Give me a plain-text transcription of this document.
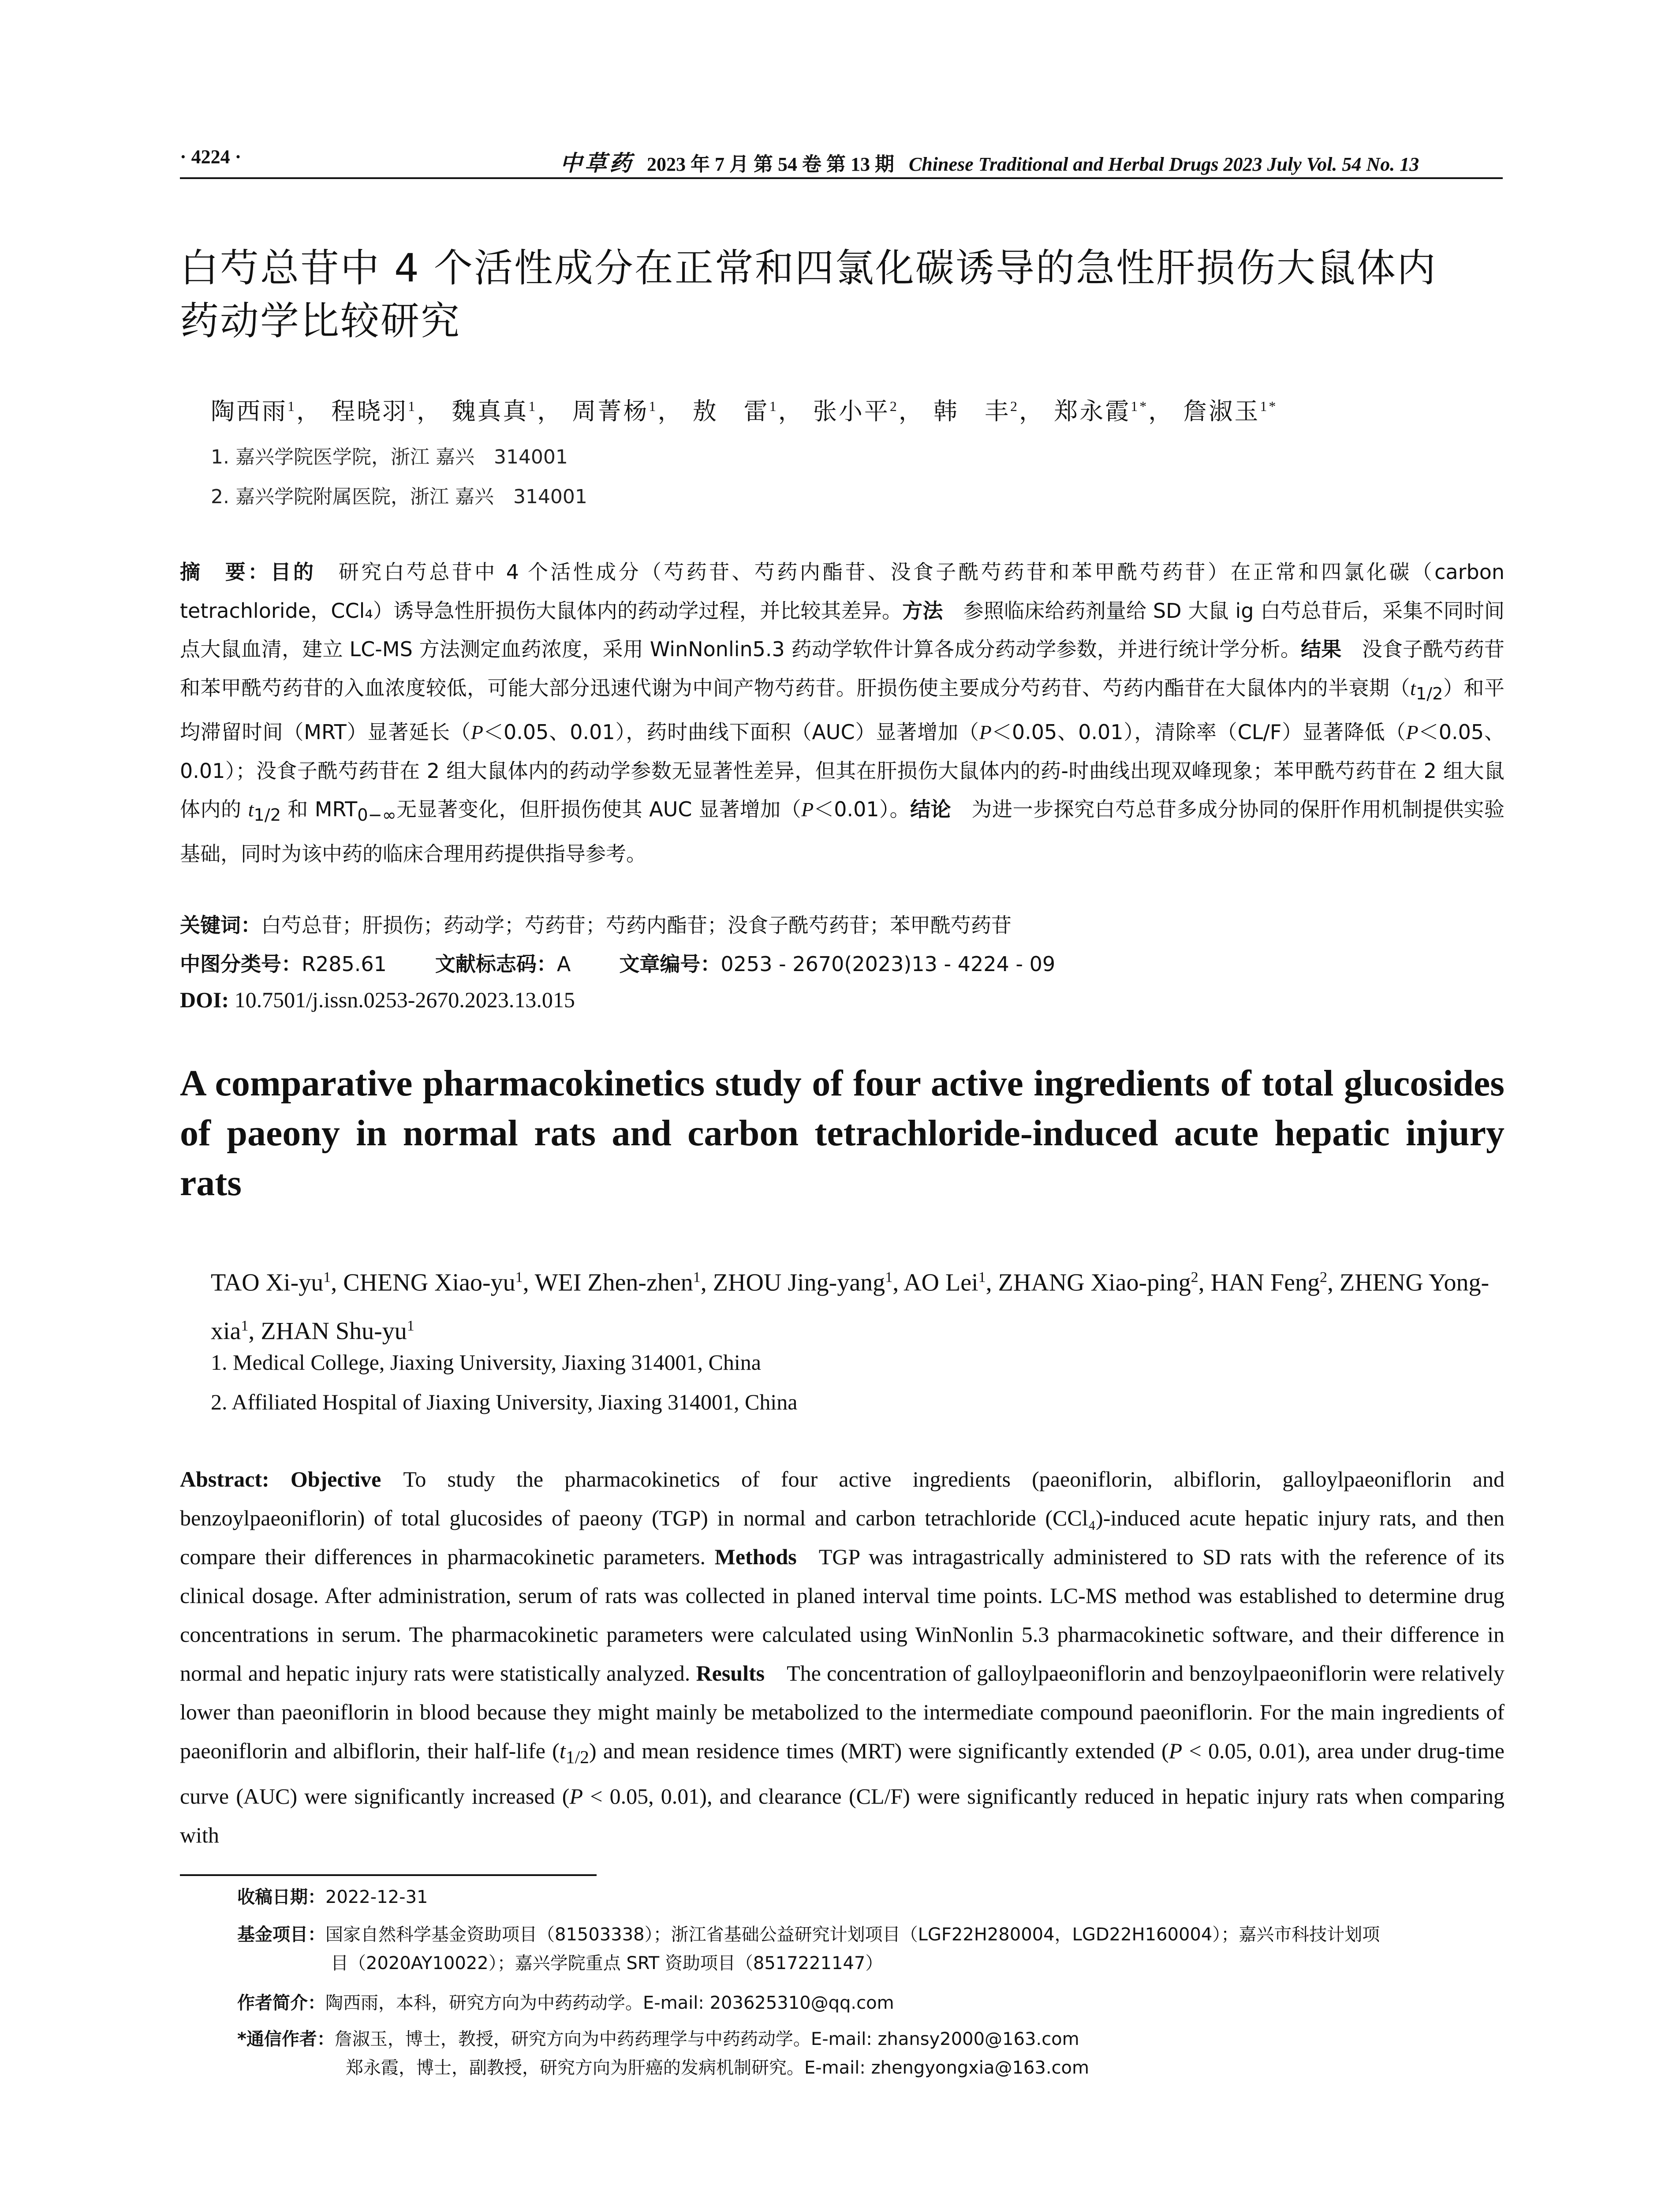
· 4224 ·	中草药 2023 年 7 月 第 54 卷 第 13 期 Chinese Traditional and Herbal Drugs 2023 July Vol. 54 No. 13
白芍总苷中 4 个活性成分在正常和四氯化碳诱导的急性肝损伤大鼠体内
药动学比较研究
陶西雨$^1$， 程晓羽$^1$， 魏真真$^1$， 周菁杨$^1$， 敖　雷$^1$， 张小平$^2$， 韩　丰$^2$， 郑永霞$^{1*}$， 詹淑玉$^{1*}$
1. 嘉兴学院医学院，浙江 嘉兴　314001
2. 嘉兴学院附属医院，浙江 嘉兴　314001
摘　要：目的  研究白芍总苷中 4 个活性成分（芍药苷、芍药内酯苷、没食子酰芍药苷和苯甲酰芍药苷）在正常和四氯化碳（carbon tetrachloride，CCl₄）诱导急性肝损伤大鼠体内的药动学过程，并比较其差异。方法  参照临床给药剂量给 SD 大鼠 ig 白芍总苷后，采集不同时间点大鼠血清，建立 LC-MS 方法测定血药浓度，采用 WinNonlin5.3 药动学软件计算各成分药动学参数，并进行统计学分析。结果  没食子酰芍药苷和苯甲酰芍药苷的入血浓度较低，可能大部分迅速代谢为中间产物芍药苷。肝损伤使主要成分芍药苷、芍药内酯苷在大鼠体内的半衰期$(t_{1/2})$和平均滞留时间（MRT）显著延长（P＜0.05、0.01），药时曲线下面积（AUC）显著增加（P＜0.05、0.01），清除率（CL/F）显著降低（P＜0.05、0.01）；没食子酰芍药苷在 2 组大鼠体内的药动学参数无显著性差异，但其在肝损伤大鼠体内的药-时曲线出现双峰现象；苯甲酰芍药苷在 2 组大鼠体内的 $t_{1/2}$ 和 $MRT_{0-\infty}$无显著变化，但肝损伤使其 AUC 显著增加（P＜0.01）。结论  为进一步探究白芍总苷多成分协同的保肝作用机制提供实验基础，同时为该中药的临床合理用药提供指导参考。
关键词：白芍总苷；肝损伤；药动学；芍药苷；芍药内酯苷；没食子酰芍药苷；苯甲酰芍药苷
中图分类号：R285.61 文献标志码：A 文章编号：0253 - 2670(2023)13 - 4224 - 09
DOI: 10.7501/j.issn.0253-2670.2023.13.015
A comparative pharmacokinetics study of four active ingredients of total glucosides of paeony in normal rats and carbon tetrachloride-induced acute hepatic injury rats
TAO $Xi-yu^1$, CHENG Xiao-$yu^1$, WEI Zhen-zhen$^1$, ZHOU Jing-yang$^1$, AO Lei$^1$, ZHANG Xiao-ping$^2$, HAN Feng$^2$, ZHENG Yong-xia$^1$, ZHAN Shu-$yu^1$
1. Medical College, Jiaxing University, Jiaxing 314001, China
2. Affiliated Hospital of Jiaxing University, Jiaxing 314001, China
Abstract: Objective  To study the pharmacokinetics of four active ingredients (paeoniflorin, albiflorin, galloylpaeoniflorin and benzoylpaeoniflorin) of total glucosides of paeony (TGP) in normal and carbon tetrachloride (CCl₄)-induced acute hepatic injury rats, and then compare their differences in pharmacokinetic parameters. Methods  TGP was intragastrically administered to SD rats with the reference of its clinical dosage. After administration, serum of rats was collected in planed interval time points. LC-MS method was established to determine drug concentrations in serum. The pharmacokinetic parameters were calculated using WinNonlin 5.3 pharmacokinetic software, and their difference in normal and hepatic injury rats were statistically analyzed. Results  The concentration of galloylpaeoniflorin and benzoylpaeoniflorin were relatively lower than paeoniflorin in blood because they might mainly be metabolized to the intermediate compound paeoniflorin. For the main ingredients of paeoniflorin and albiflorin, their half-life $(t_{1/2})$ and mean residence times (MRT) were significantly extended (P < 0.05, 0.01), area under drug-time curve (AUC) were significantly increased (P < 0.05, 0.01), and clearance (CL/F) were significantly reduced in hepatic injury rats when comparing with
收稿日期：2022-12-31
基金项目：国家自然科学基金资助项目（81503338）；浙江省基础公益研究计划项目（LGF22H280004，LGD22H160004）；嘉兴市科技计划项
目（2020AY10022）；嘉兴学院重点 SRT 资助项目（8517221147）
作者简介：陶西雨，本科，研究方向为中药药动学。E-mail: 203625310@qq.com
*通信作者：詹淑玉，博士，教授，研究方向为中药药理学与中药药动学。E-mail: zhansy2000@163.com
郑永霞，博士，副教授，研究方向为肝癌的发病机制研究。E-mail: zhengyongxia@163.com
